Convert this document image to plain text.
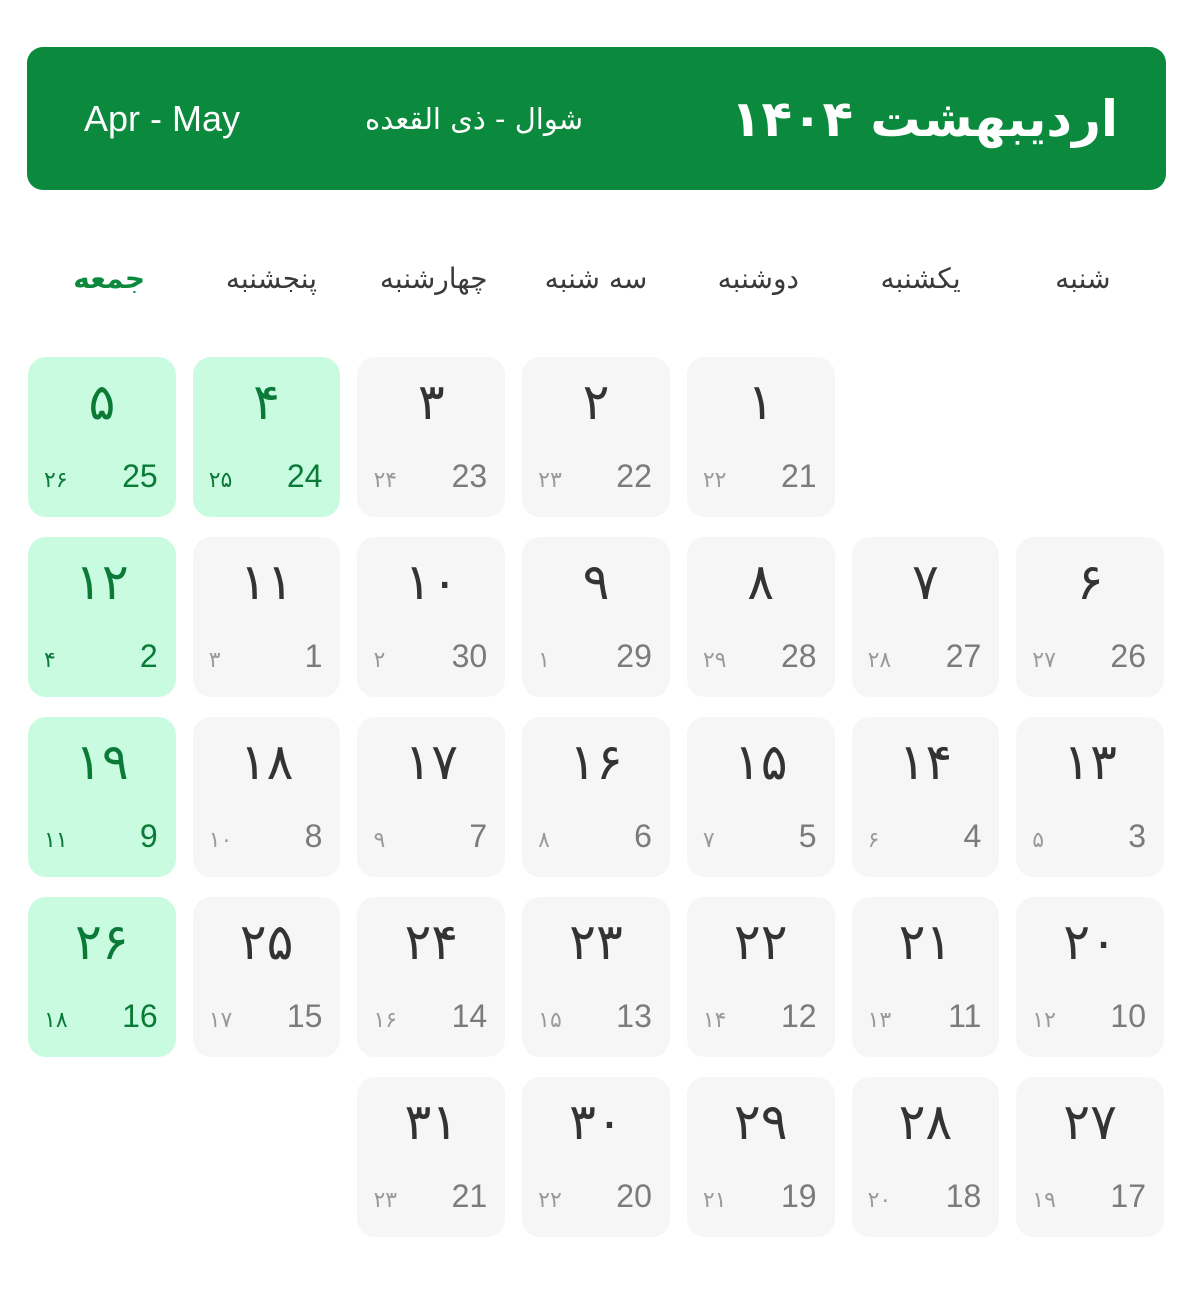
اردیبهشت ۱۴۰۴
شوال - ذی القعده
Apr - May
شنبه
یکشنبه
دوشنبه
سه شنبه
چهارشنبه
پنجشنبه
جمعه
۱
21
۲۲
۲
22
۲۳
۳
23
۲۴
۴
24
۲۵
۵
25
۲۶
۶
26
۲۷
۷
27
۲۸
۸
28
۲۹
۹
29
۱
۱۰
30
۲
۱۱
1
۳
۱۲
2
۴
۱۳
3
۵
۱۴
4
۶
۱۵
5
۷
۱۶
6
۸
۱۷
7
۹
۱۸
8
۱۰
۱۹
9
۱۱
۲۰
10
۱۲
۲۱
11
۱۳
۲۲
12
۱۴
۲۳
13
۱۵
۲۴
14
۱۶
۲۵
15
۱۷
۲۶
16
۱۸
۲۷
17
۱۹
۲۸
18
۲۰
۲۹
19
۲۱
۳۰
20
۲۲
۳۱
21
۲۳
